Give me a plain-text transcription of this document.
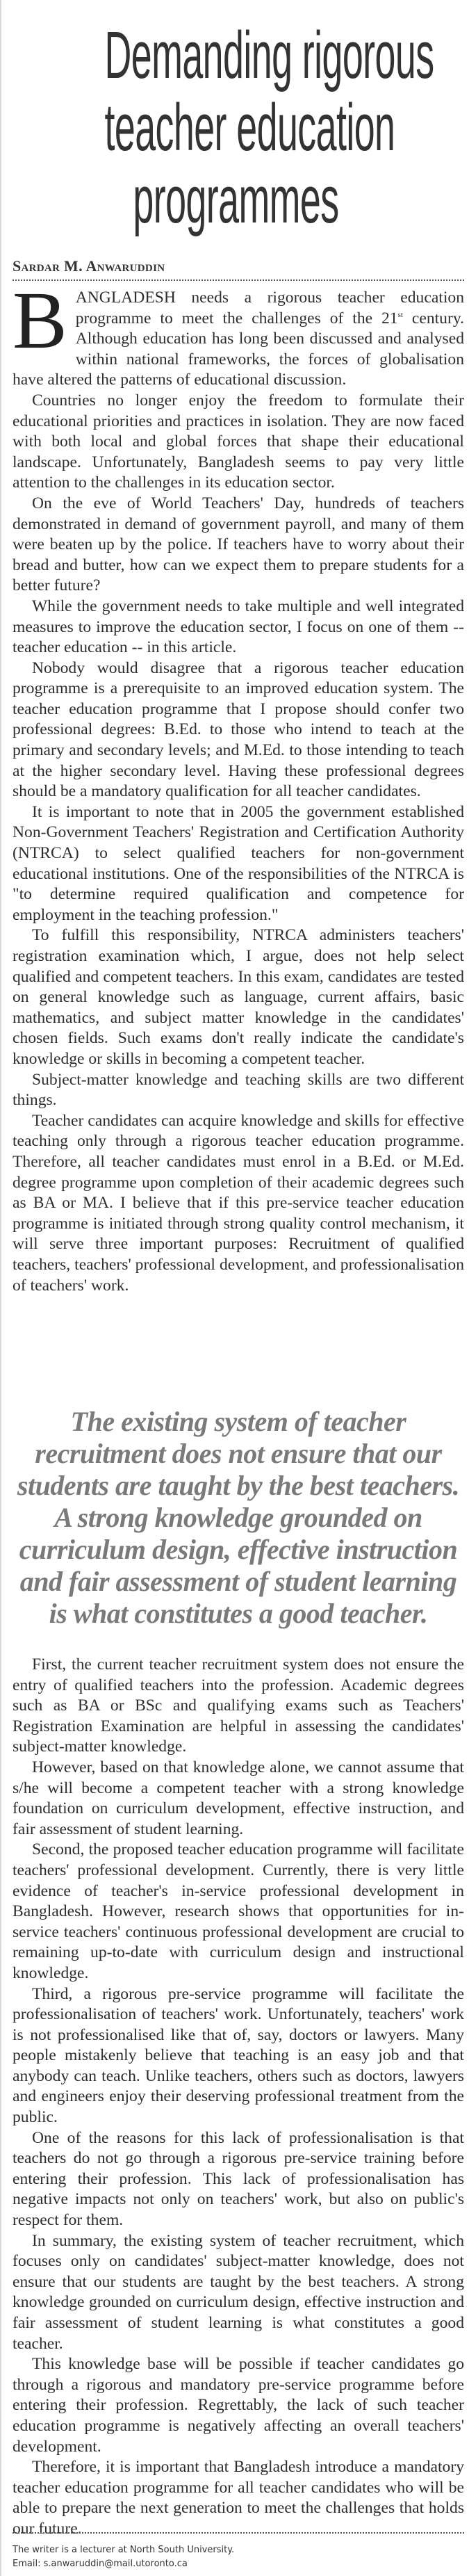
Demanding rigorous
teacher education
programmes
Sardar M. Anwaruddin

BANGLADESH needs a rigorous teacher education programme to meet the challenges of the 21st century. Although education has long been discussed and analysed within national frameworks, the forces of globalisation have altered the patterns of educational discussion.

Countries no longer enjoy the freedom to formulate their educational priorities and practices in isolation. They are now faced with both local and global forces that shape their educational landscape. Unfortunately, Bangladesh seems to pay very little attention to the challenges in its education sector.

On the eve of World Teachers' Day, hundreds of teachers demonstrated in demand of government payroll, and many of them were beaten up by the police. If teachers have to worry about their bread and butter, how can we expect them to prepare students for a better future?

While the government needs to take multiple and well integrated measures to improve the education sector, I focus on one of them -- teacher education -- in this article.

Nobody would disagree that a rigorous teacher education programme is a prerequisite to an improved education system. The teacher education programme that I propose should confer two professional degrees: B.Ed. to those who intend to teach at the primary and secondary levels; and M.Ed. to those intending to teach at the higher secondary level. Having these professional degrees should be a mandatory qualification for all teacher candidates.

It is important to note that in 2005 the government established Non-Government Teachers' Registration and Certification Authority (NTRCA) to select qualified teachers for non-government educational institutions. One of the responsibilities of the NTRCA is "to determine required qualification and competence for employment in the teaching profession."

To fulfill this responsibility, NTRCA administers teachers' registration examination which, I argue, does not help select qualified and competent teachers. In this exam, candidates are tested on general knowledge such as language, current affairs, basic mathematics, and subject matter knowledge in the candidates' chosen fields. Such exams don't really indicate the candidate's knowledge or skills in becoming a competent teacher.

Subject-matter knowledge and teaching skills are two different things.

Teacher candidates can acquire knowledge and skills for effective teaching only through a rigorous teacher education programme. Therefore, all teacher candidates must enrol in a B.Ed. or M.Ed. degree programme upon completion of their academic degrees such as BA or MA. I believe that if this pre-service teacher education programme is initiated through strong quality control mechanism, it will serve three important purposes: Recruitment of qualified teachers, teachers' professional development, and professionalisation of teachers' work.

The existing system of teacher recruitment does not ensure that our students are taught by the best teachers. A strong knowledge grounded on curriculum design, effective instruction and fair assessment of student learning is what constitutes a good teacher.

First, the current teacher recruitment system does not ensure the entry of qualified teachers into the profession. Academic degrees such as BA or BSc and qualifying exams such as Teachers' Registration Examination are helpful in assessing the candidates' subject-matter knowledge.

However, based on that knowledge alone, we cannot assume that s/he will become a competent teacher with a strong knowledge foundation on curriculum development, effective instruction, and fair assessment of student learning.

Second, the proposed teacher education programme will facilitate teachers' professional development. Currently, there is very little evidence of teacher's in-service professional development in Bangladesh. However, research shows that opportunities for in-service teachers' continuous professional development are crucial to remaining up-to-date with curriculum design and instructional knowledge.

Third, a rigorous pre-service programme will facilitate the professionalisation of teachers' work. Unfortunately, teachers' work is not professionalised like that of, say, doctors or lawyers. Many people mistakenly believe that teaching is an easy job and that anybody can teach. Unlike teachers, others such as doctors, lawyers and engineers enjoy their deserving professional treatment from the public.

One of the reasons for this lack of professionalisation is that teachers do not go through a rigorous pre-service training before entering their profession. This lack of professionalisation has negative impacts not only on teachers' work, but also on public's respect for them.

In summary, the existing system of teacher recruitment, which focuses only on candidates' subject-matter knowledge, does not ensure that our students are taught by the best teachers. A strong knowledge grounded on curriculum design, effective instruction and fair assessment of student learning is what constitutes a good teacher.

This knowledge base will be possible if teacher candidates go through a rigorous and mandatory pre-service programme before entering their profession. Regrettably, the lack of such teacher education programme is negatively affecting an overall teachers' development.

Therefore, it is important that Bangladesh introduce a mandatory teacher education programme for all teacher candidates who will be able to prepare the next generation to meet the challenges that holds our future.

The writer is a lecturer at North South University.
Email: s.anwaruddin@mail.utoronto.ca
